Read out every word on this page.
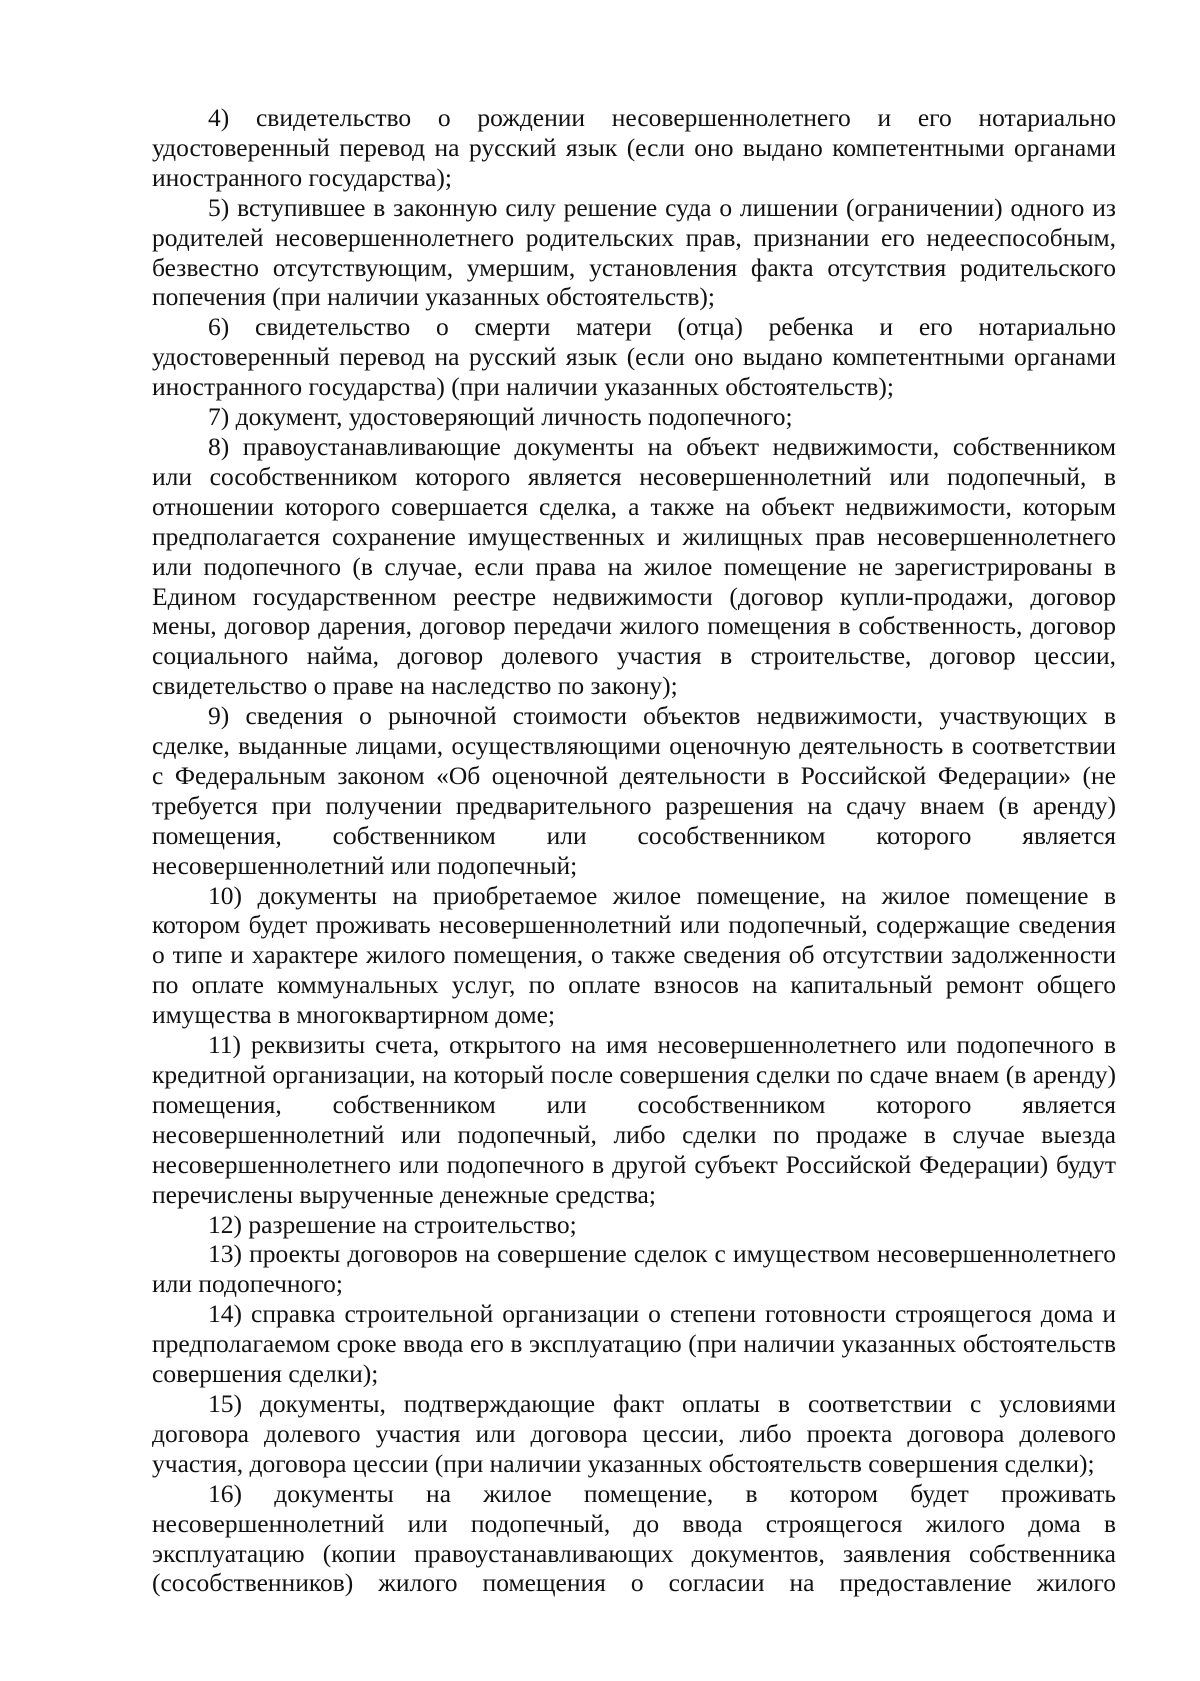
4) свидетельство о рождении несовершеннолетнего и его нотариально удостоверенный перевод на русский язык (если оно выдано компетентными органами иностранного государства);

5) вступившее в законную силу решение суда о лишении (ограничении) одного из родителей несовершеннолетнего родительских прав, признании его недееспособным, безвестно отсутствующим, умершим, установления факта отсутствия родительского попечения (при наличии указанных обстоятельств);

6) свидетельство о смерти матери (отца) ребенка и его нотариально удостоверенный перевод на русский язык (если оно выдано компетентными органами иностранного государства) (при наличии указанных обстоятельств);

7) документ, удостоверяющий личность подопечного;

8) правоустанавливающие документы на объект недвижимости, собственником или сособственником которого является несовершеннолетний или подопечный, в отношении которого совершается сделка, а также на объект недвижимости, которым предполагается сохранение имущественных и жилищных прав несовершеннолетнего или подопечного (в случае, если права на жилое помещение не зарегистрированы в Едином государственном реестре недвижимости (договор купли-продажи, договор мены, договор дарения, договор передачи жилого помещения в собственность, договор социального найма, договор долевого участия в строительстве, договор цессии, свидетельство о праве на наследство по закону);

9) сведения о рыночной стоимости объектов недвижимости, участвующих в сделке, выданные лицами, осуществляющими оценочную деятельность в соответствии с Федеральным законом «Об оценочной деятельности в Российской Федерации» (не требуется при получении предварительного разрешения на сдачу внаем (в аренду) помещения, собственником или сособственником которого является несовершеннолетний или подопечный;

10) документы на приобретаемое жилое помещение, на жилое помещение в котором будет проживать несовершеннолетний или подопечный, содержащие сведения о типе и характере жилого помещения, о также сведения об отсутствии задолженности по оплате коммунальных услуг, по оплате взносов на капитальный ремонт общего имущества в многоквартирном доме;

11) реквизиты счета, открытого на имя несовершеннолетнего или подопечного в кредитной организации, на который после совершения сделки по сдаче внаем (в аренду) помещения, собственником или сособственником которого является несовершеннолетний или подопечный, либо сделки по продаже в случае выезда несовершеннолетнего или подопечного в другой субъект Российской Федерации) будут перечислены вырученные денежные средства;

12) разрешение на строительство;

13) проекты договоров на совершение сделок с имуществом несовершеннолетнего или подопечного;

14) справка строительной организации о степени готовности строящегося дома и предполагаемом сроке ввода его в эксплуатацию (при наличии указанных обстоятельств совершения сделки);

15) документы, подтверждающие факт оплаты в соответствии с условиями договора долевого участия или договора цессии, либо проекта договора долевого участия, договора цессии (при наличии указанных обстоятельств совершения сделки);

16) документы на жилое помещение, в котором будет проживать несовершеннолетний или подопечный, до ввода строящегося жилого дома в эксплуатацию (копии правоустанавливающих документов, заявления собственника (сособственников) жилого помещения о согласии на предоставление жилого
